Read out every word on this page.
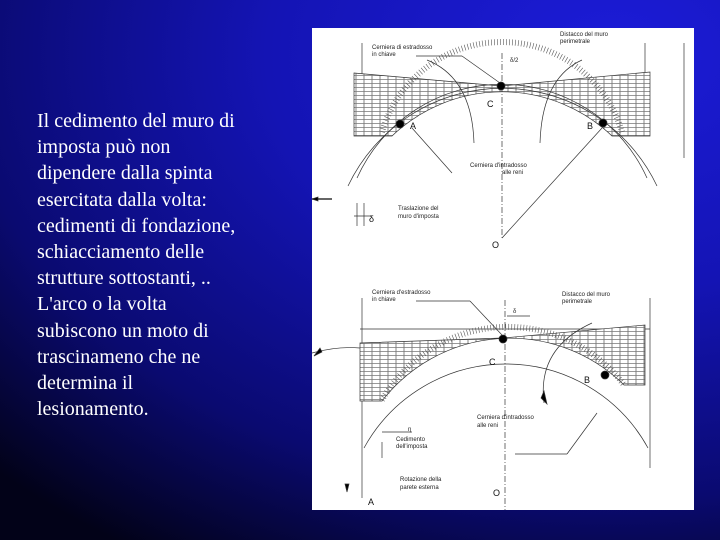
Il cedimento del muro di
imposta può non
dipendere dalla spinta
esercitata dalla volta:
cedimenti di fondazione,
schiacciamento delle
strutture sottostanti, ..
L'arco o la volta
subiscono un moto di
trascinameno che ne
determina il
lesionamento.

Cerniera di estradosso
in chiave
Distacco del muro
perimetrale
δ/2
Cerniera d'intradosso
alle reni
Traslazione del
muro d'imposta
δ
A	B
C
O
Cerniera d'estradosso
in chiave
Distacco del muro
perimetrale
δ
Cerniera d'intradosso
alle reni
η
Cedimento
dell'imposta
Rotazione della
parete esterna
A
B
C
O
